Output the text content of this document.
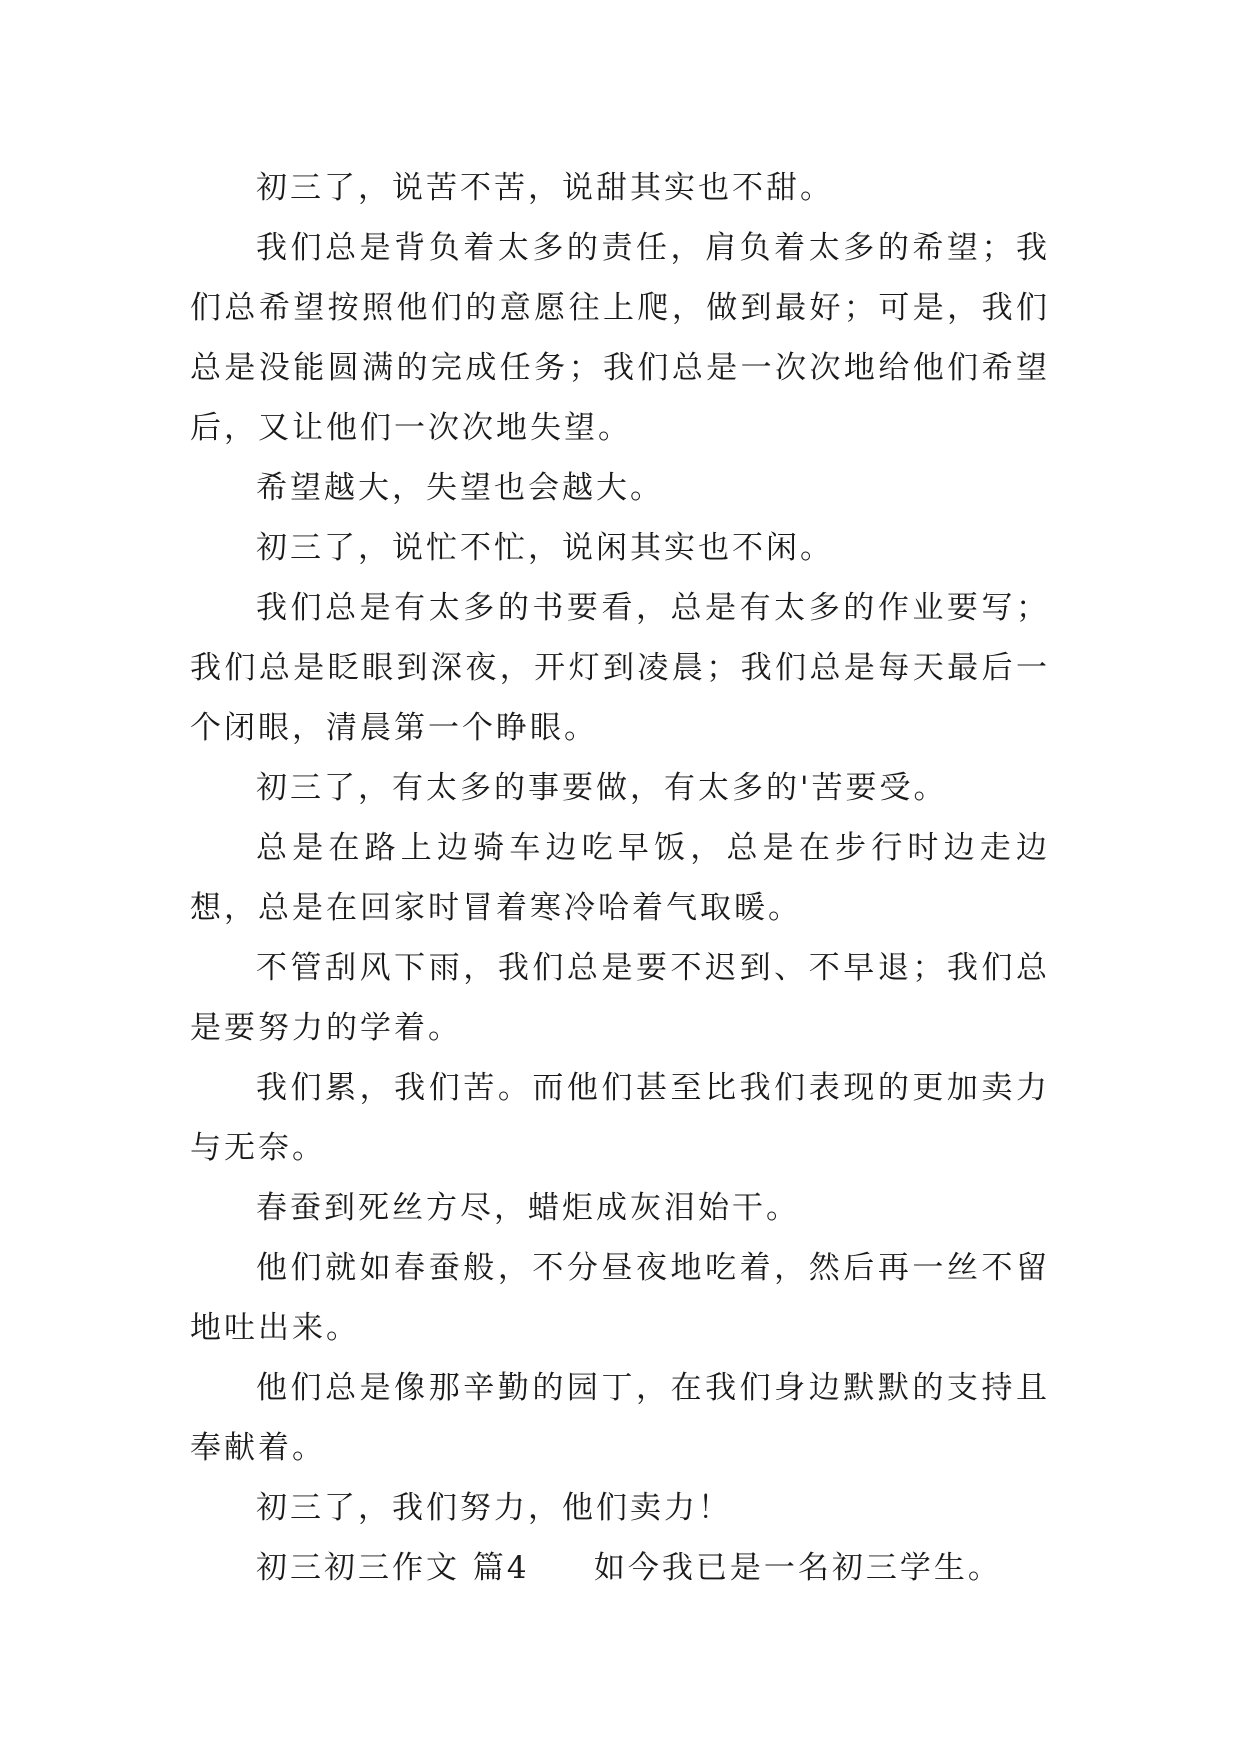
初三了，说苦不苦，说甜其实也不甜。

我们总是背负着太多的责任，肩负着太多的希望；我们总希望按照他们的意愿往上爬，做到最好；可是，我们总是没能圆满的完成任务；我们总是一次次地给他们希望后，又让他们一次次地失望。

希望越大，失望也会越大。

初三了，说忙不忙，说闲其实也不闲。

我们总是有太多的书要看，总是有太多的作业要写；我们总是眨眼到深夜，开灯到凌晨；我们总是每天最后一个闭眼，清晨第一个睁眼。

初三了，有太多的事要做，有太多的'苦要受。

总是在路上边骑车边吃早饭，总是在步行时边走边想，总是在回家时冒着寒冷哈着气取暖。

不管刮风下雨，我们总是要不迟到、不早退；我们总是要努力的学着。

我们累，我们苦。而他们甚至比我们表现的更加卖力与无奈。

春蚕到死丝方尽，蜡炬成灰泪始干。

他们就如春蚕般，不分昼夜地吃着，然后再一丝不留地吐出来。

他们总是像那辛勤的园丁，在我们身边默默的支持且奉献着。

初三了，我们努力，他们卖力！

初三初三作文 篇4     如今我已是一名初三学生。
